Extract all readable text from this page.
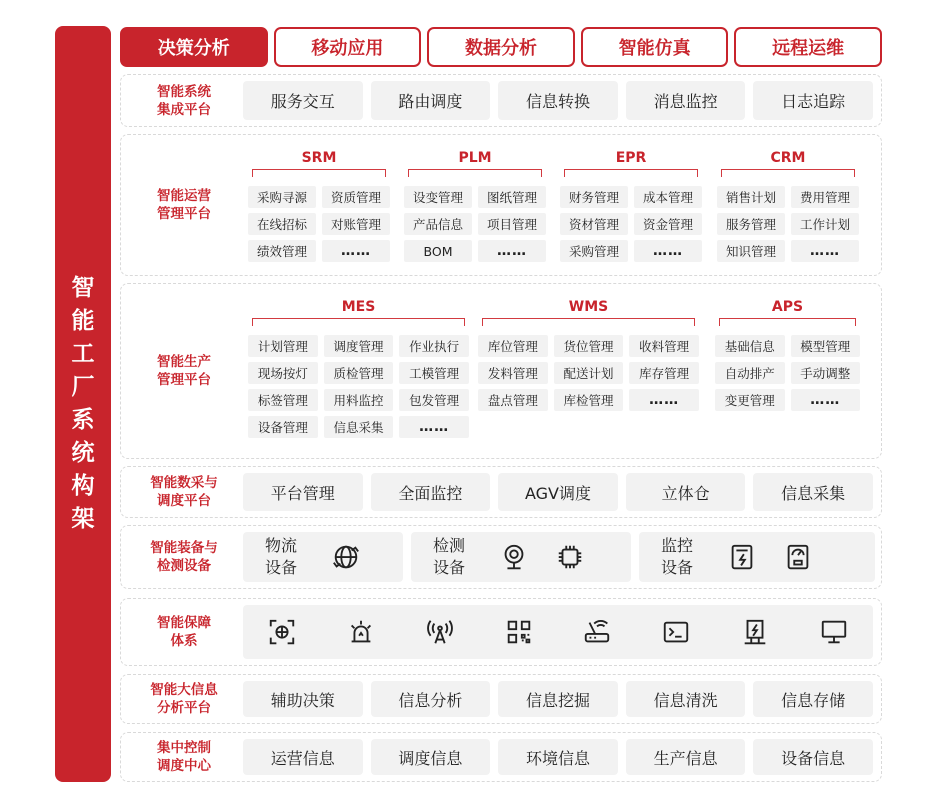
智能工厂系统构架
决策分析	移动应用	数据分析	智能仿真	远程运维
智能系统集成平台	服务交互	路由调度	信息转换	消息监控	日志追踪
智能运营管理平台
SRM
采购寻源	资质管理
在线招标	对账管理
绩效管理	……
PLM
设变管理	图纸管理
产品信息	项目管理
BOM	……
EPR
财务管理	成本管理
资材管理	资金管理
采购管理	……
CRM
销售计划	费用管理
服务管理	工作计划
知识管理	……
智能生产管理平台
MES
计划管理	调度管理	作业执行
现场按灯	质检管理	工模管理
标签管理	用料监控	包发管理
设备管理	信息采集	……
WMS
库位管理	货位管理	收料管理
发料管理	配送计划	库存管理
盘点管理	库检管理	……
APS
基础信息	模型管理
自动排产	手动调整
变更管理	……
智能数采与调度平台	平台管理	全面监控	AGV调度	立体仓	信息采集
智能装备与检测设备
物流设备
检测设备
监控设备
智能保障体系
智能大信息分析平台	辅助决策	信息分析	信息挖掘	信息清洗	信息存储
集中控制调度中心	运营信息	调度信息	环境信息	生产信息	设备信息
